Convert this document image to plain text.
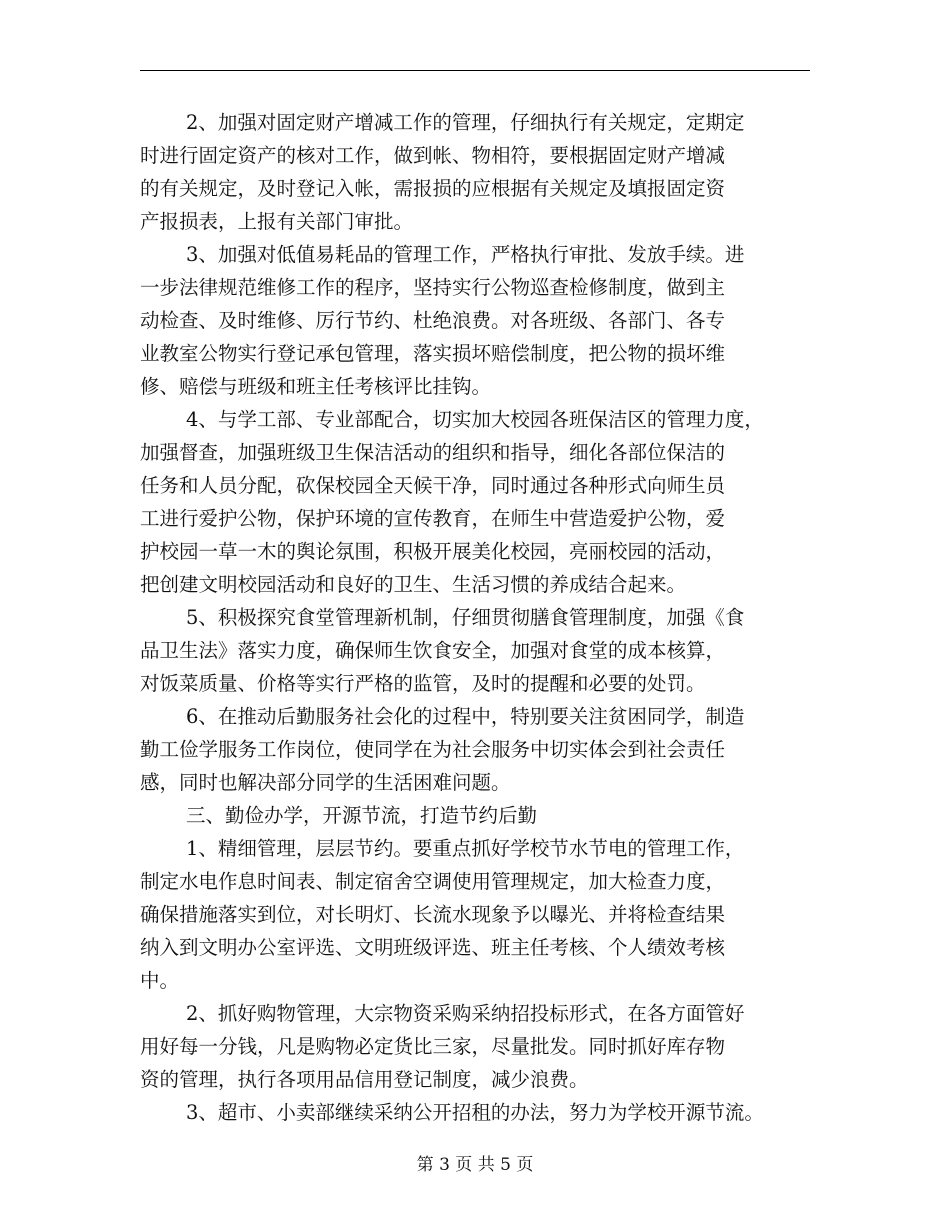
2、加强对固定财产增减工作的管理，仔细执行有关规定，定期定
时进行固定资产的核对工作，做到帐、物相符，要根据固定财产增减
的有关规定，及时登记入帐，需报损的应根据有关规定及填报固定资
产报损表，上报有关部门审批。
3、加强对低值易耗品的管理工作，严格执行审批、发放手续。进
一步法律规范维修工作的程序，坚持实行公物巡查检修制度，做到主
动检查、及时维修、厉行节约、杜绝浪费。对各班级、各部门、各专
业教室公物实行登记承包管理，落实损坏赔偿制度，把公物的损坏维
修、赔偿与班级和班主任考核评比挂钩。
4、与学工部、专业部配合，切实加大校园各班保洁区的管理力度，
加强督查，加强班级卫生保洁活动的组织和指导，细化各部位保洁的
任务和人员分配，砍保校园全天候干净，同时通过各种形式向师生员
工进行爱护公物，保护环境的宣传教育，在师生中营造爱护公物，爱
护校园一草一木的舆论氛围，积极开展美化校园，亮丽校园的活动，
把创建文明校园活动和良好的卫生、生活习惯的养成结合起来。
5、积极探究食堂管理新机制，仔细贯彻膳食管理制度，加强《食
品卫生法》落实力度，确保师生饮食安全，加强对食堂的成本核算，
对饭菜质量、价格等实行严格的监管，及时的提醒和必要的处罚。
6、在推动后勤服务社会化的过程中，特别要关注贫困同学，制造
勤工俭学服务工作岗位，使同学在为社会服务中切实体会到社会责任
感，同时也解决部分同学的生活困难问题。
三、勤俭办学，开源节流，打造节约后勤
1、精细管理，层层节约。要重点抓好学校节水节电的管理工作，
制定水电作息时间表、制定宿舍空调使用管理规定，加大检查力度，
确保措施落实到位，对长明灯、长流水现象予以曝光、并将检查结果
纳入到文明办公室评选、文明班级评选、班主任考核、个人绩效考核
中。
2、抓好购物管理，大宗物资采购采纳招投标形式，在各方面管好
用好每一分钱，凡是购物必定货比三家，尽量批发。同时抓好库存物
资的管理，执行各项用品信用登记制度，减少浪费。
3、超市、小卖部继续采纳公开招租的办法，努力为学校开源节流。
第 3 页 共 5 页
